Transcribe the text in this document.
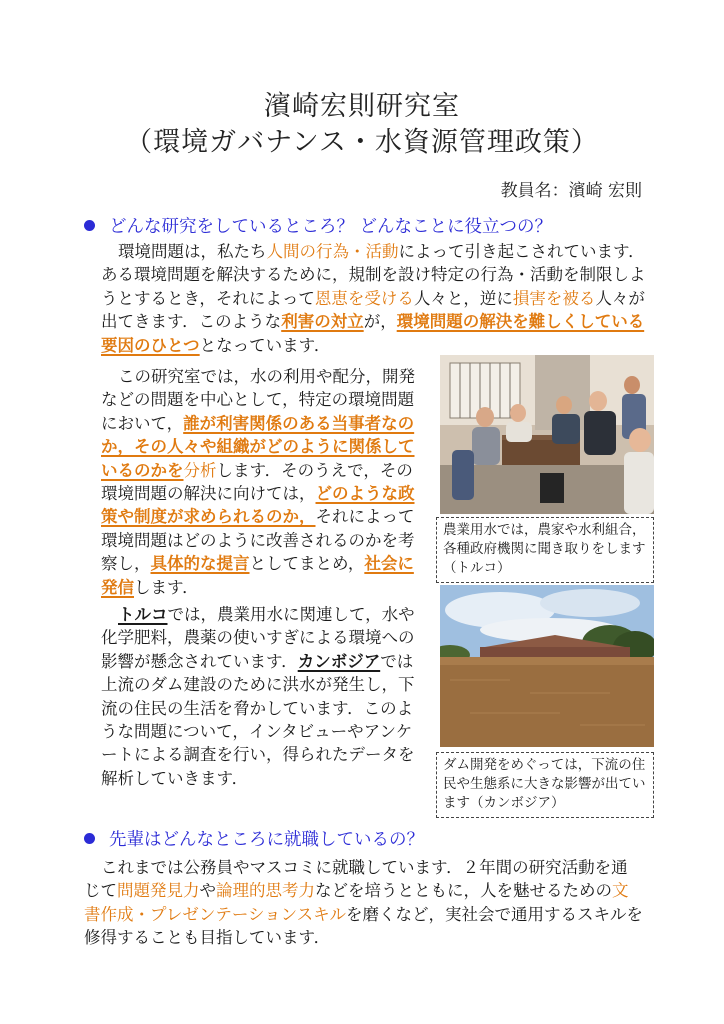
濱崎宏則研究室
（環境ガバナンス・水資源管理政策）
教員名：濱崎 宏則
どんな研究をしているところ？ どんなことに役立つの？
環境問題は，私たち人間の行為・活動によって引き起こされています．ある環境問題を解決するために，規制を設け特定の行為・活動を制限しようとするとき，それによって恩恵を受ける人々と，逆に損害を被る人々が出てきます．このような利害の対立が，環境問題の解決を難しくしている要因のひとつとなっています．
この研究室では，水の利用や配分，開発などの問題を中心として，特定の環境問題において，誰が利害関係のある当事者なのか，その人々や組織がどのように関係しているのかを分析します．そのうえで，その環境問題の解決に向けては，どのような政策や制度が求められるのか，それによって環境問題はどのように改善されるのかを考察し，具体的な提言としてまとめ，社会に発信します．
トルコでは，農業用水に関連して，水や化学肥料，農薬の使いすぎによる環境への影響が懸念されています．カンボジアでは上流のダム建設のために洪水が発生し，下流の住民の生活を脅かしています．このような問題について，インタビューやアンケートによる調査を行い，得られたデータを解析していきます．
農業用水では，農家や水利組合，各種政府機関に聞き取りをします（トルコ）
ダム開発をめぐっては，下流の住民や生態系に大きな影響が出ています（カンボジア）
先輩はどんなところに就職しているの？
これまでは公務員やマスコミに就職しています．２年間の研究活動を通じて問題発見力や論理的思考力などを培うとともに，人を魅せるための文書作成・プレゼンテーションスキルを磨くなど，実社会で通用するスキルを修得することも目指しています．
